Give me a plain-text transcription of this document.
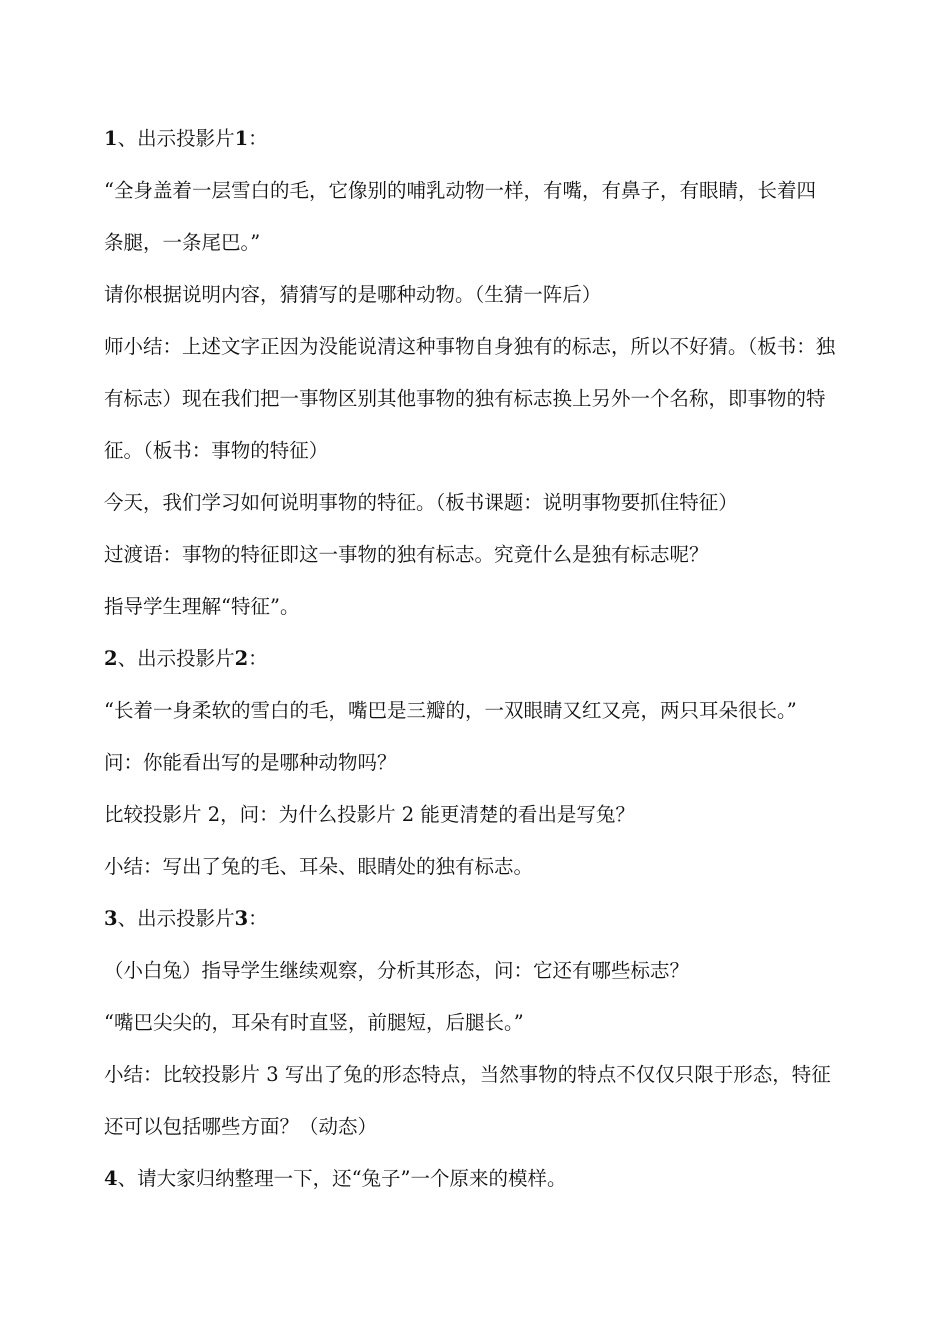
1、出示投影片1：
“全身盖着一层雪白的毛，它像别的哺乳动物一样，有嘴，有鼻子，有眼睛，长着四
条腿，一条尾巴。”
请你根据说明内容，猜猜写的是哪种动物。（生猜一阵后）
师小结：上述文字正因为没能说清这种事物自身独有的标志，所以不好猜。（板书：独
有标志）现在我们把一事物区别其他事物的独有标志换上另外一个名称，即事物的特
征。（板书：事物的特征）
今天，我们学习如何说明事物的特征。（板书课题：说明事物要抓住特征）
过渡语：事物的特征即这一事物的独有标志。究竟什么是独有标志呢？
指导学生理解“特征”。
2、出示投影片2：
“长着一身柔软的雪白的毛，嘴巴是三瓣的，一双眼睛又红又亮，两只耳朵很长。”
问：你能看出写的是哪种动物吗？
比较投影片 2，问：为什么投影片 2 能更清楚的看出是写兔？
小结：写出了兔的毛、耳朵、眼睛处的独有标志。
3、出示投影片3：
（小白兔）指导学生继续观察，分析其形态，问：它还有哪些标志？
“嘴巴尖尖的，耳朵有时直竖，前腿短，后腿长。”
小结：比较投影片 3 写出了兔的形态特点，当然事物的特点不仅仅只限于形态，特征
还可以包括哪些方面？（动态）
4、请大家归纳整理一下，还“兔子”一个原来的模样。
